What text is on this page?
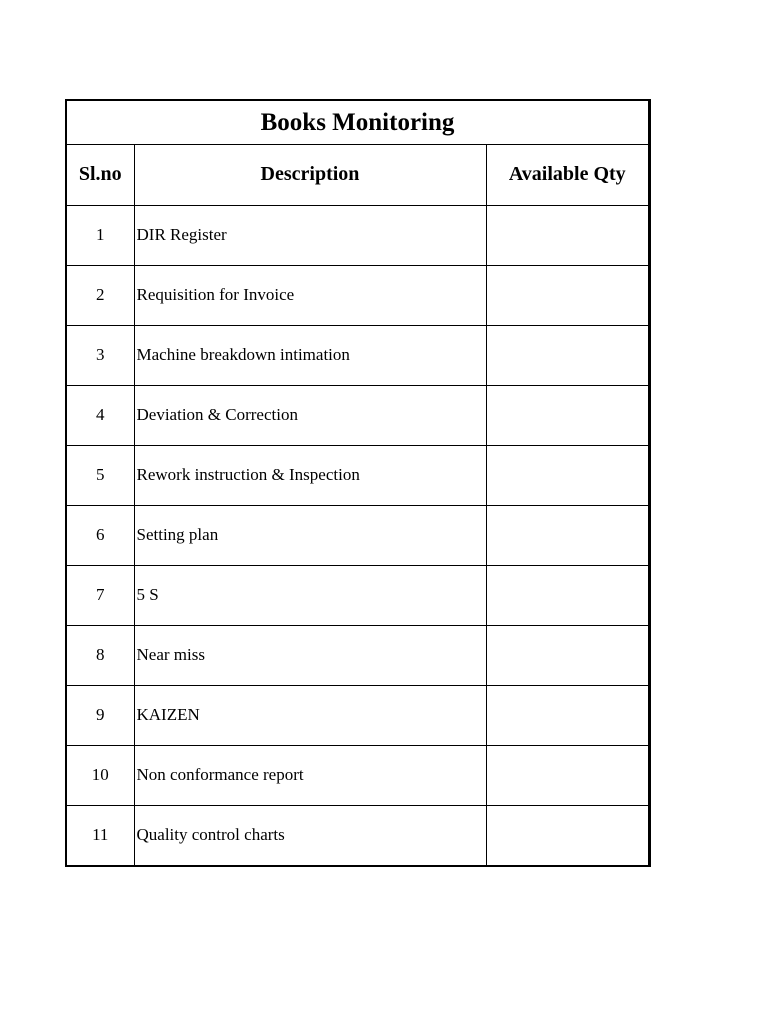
Books Monitoring
Sl.no	Description	Available Qty
1	DIR Register	
2	Requisition for Invoice	
3	Machine breakdown intimation	
4	Deviation & Correction	
5	Rework instruction & Inspection	
6	Setting plan	
7	5 S	
8	Near miss	
9	KAIZEN	
10	Non conformance report	
11	Quality control charts	
